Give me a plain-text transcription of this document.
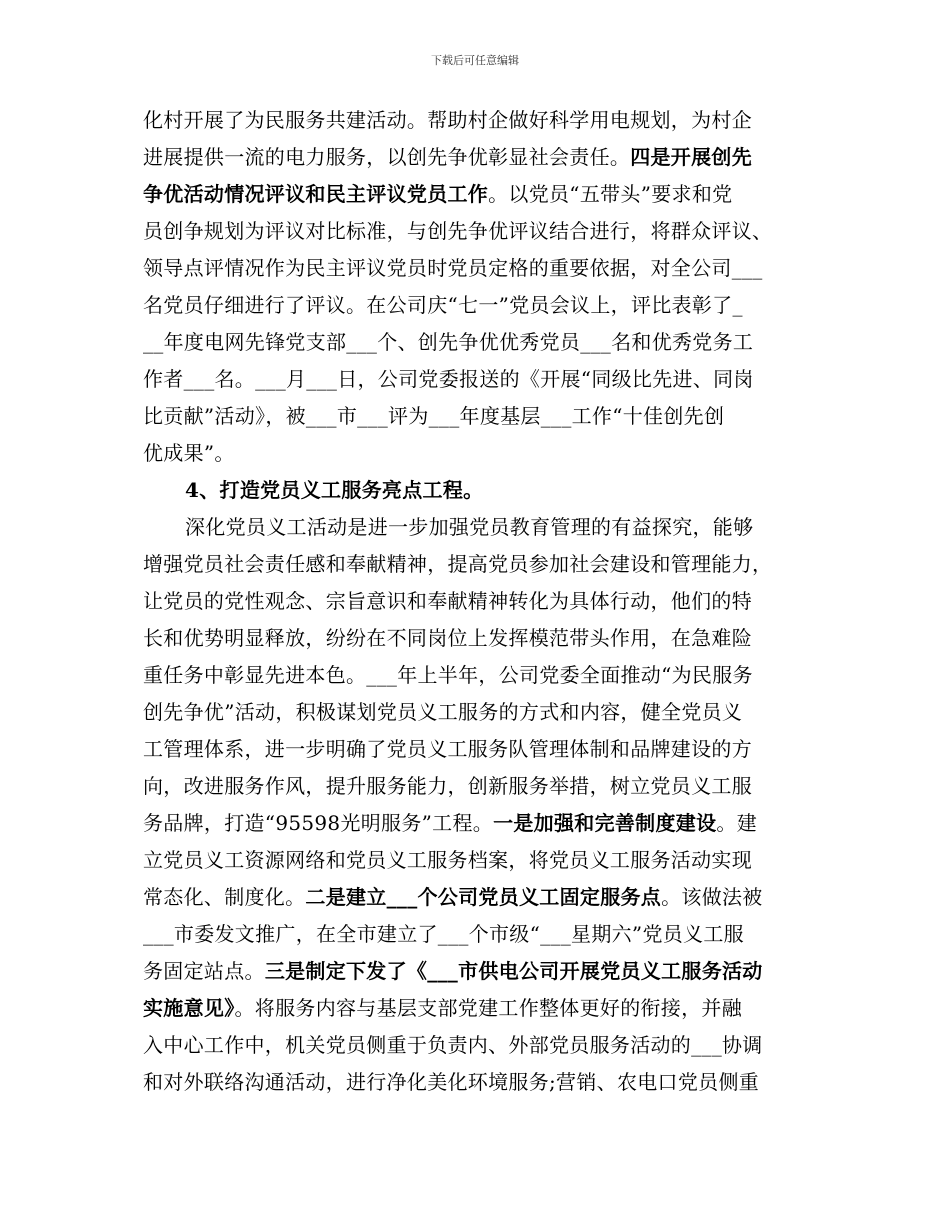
下载后可任意编辑
化村开展了为民服务共建活动。帮助村企做好科学用电规划，为村企
进展提供一流的电力服务，以创先争优彰显社会责任。四是开展创先
争优活动情况评议和民主评议党员工作。以党员“五带头”要求和党
员创争规划为评议对比标准，与创先争优评议结合进行，将群众评议、
领导点评情况作为民主评议党员时党员定格的重要依据，对全公司___
名党员仔细进行了评议。在公司庆“七一”党员会议上，评比表彰了_
__年度电网先锋党支部___个、创先争优优秀党员___名和优秀党务工
作者___名。___月___日，公司党委报送的《开展“同级比先进、同岗
比贡献”活动》，被___市___评为___年度基层___工作“十佳创先创
优成果”。
4、打造党员义工服务亮点工程。
深化党员义工活动是进一步加强党员教育管理的有益探究，能够
增强党员社会责任感和奉献精神，提高党员参加社会建设和管理能力，
让党员的党性观念、宗旨意识和奉献精神转化为具体行动，他们的特
长和优势明显释放，纷纷在不同岗位上发挥模范带头作用，在急难险
重任务中彰显先进本色。___年上半年，公司党委全面推动“为民服务
创先争优”活动，积极谋划党员义工服务的方式和内容，健全党员义
工管理体系，进一步明确了党员义工服务队管理体制和品牌建设的方
向，改进服务作风，提升服务能力，创新服务举措，树立党员义工服
务品牌，打造“95598光明服务”工程。一是加强和完善制度建设。建
立党员义工资源网络和党员义工服务档案，将党员义工服务活动实现
常态化、制度化。二是建立___个公司党员义工固定服务点。该做法被
___市委发文推广，在全市建立了___个市级“___星期六”党员义工服
务固定站点。三是制定下发了《___市供电公司开展党员义工服务活动
实施意见》。将服务内容与基层支部党建工作整体更好的衔接，并融
入中心工作中，机关党员侧重于负责内、外部党员服务活动的___协调
和对外联络沟通活动，进行净化美化环境服务;营销、农电口党员侧重
